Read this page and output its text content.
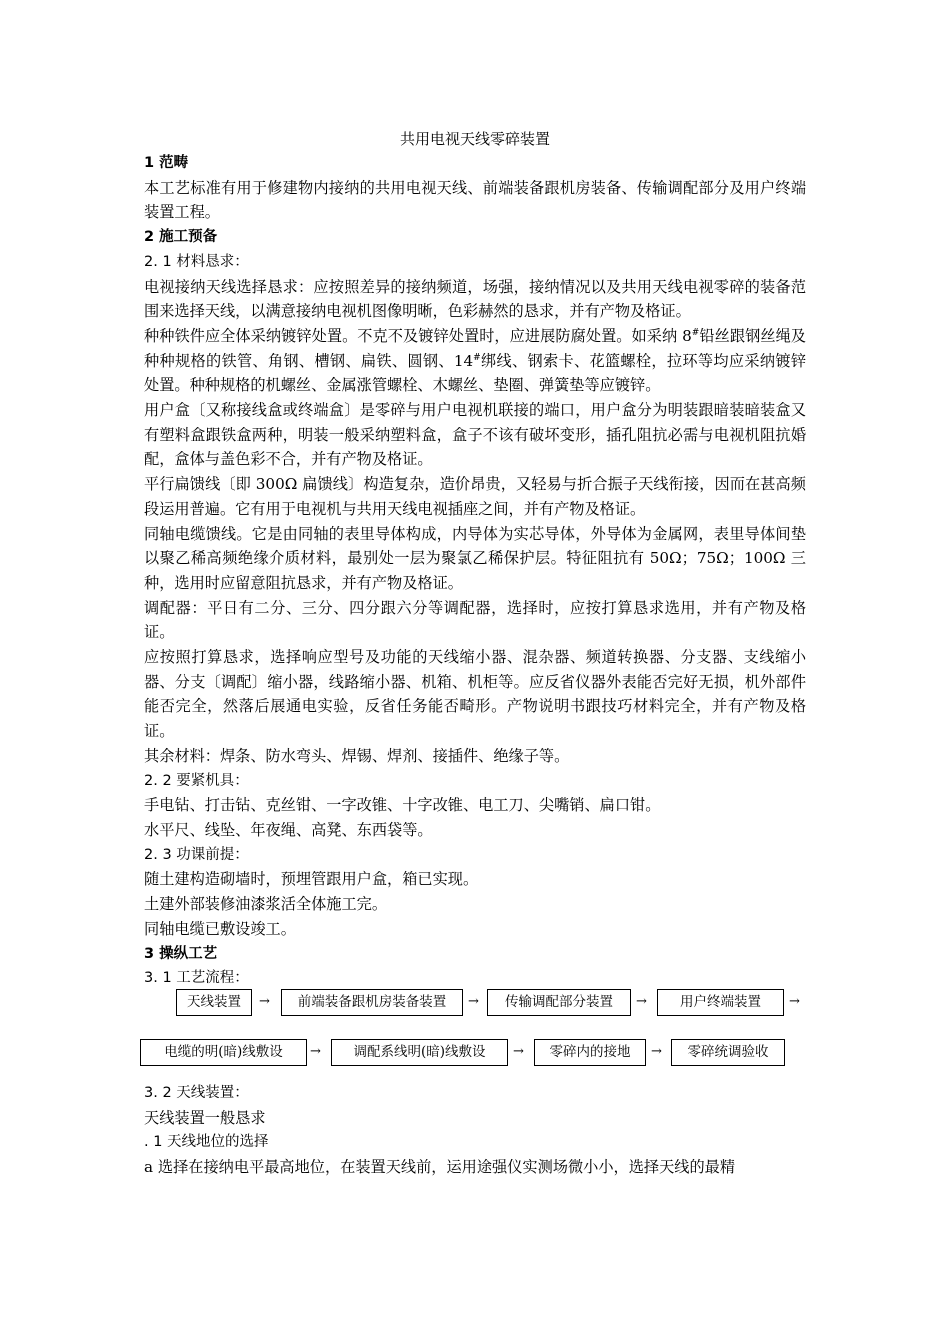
共用电视天线零碎装置

1 范畴

本工艺标准有用于修建物内接纳的共用电视天线、前端装备跟机房装备、传输调配部分及用户终端装置工程。

2 施工预备

2. 1 材料恳求：

电视接纳天线选择恳求：应按照差异的接纳频道，场强，接纳情况以及共用天线电视零碎的装备范围来选择天线，以满意接纳电视机图像明晰，色彩赫然的恳求，并有产物及格证。

种种铁件应全体采纳镀锌处置。不克不及镀锌处置时，应进展防腐处置。如采纳 8#铅丝跟钢丝绳及种种规格的铁管、角钢、槽钢、扁铁、圆钢、14#绑线、钢索卡、花篮螺栓，拉环等均应采纳镀锌处置。种种规格的机螺丝、金属涨管螺栓、木螺丝、垫圈、弹簧垫等应镀锌。

用户盒〔又称接线盒或终端盒〕是零碎与用户电视机联接的端口，用户盒分为明装跟暗装暗装盒又有塑料盒跟铁盒两种，明装一般采纳塑料盒，盒子不该有破坏变形，插孔阻抗必需与电视机阻抗婚配，盒体与盖色彩不合，并有产物及格证。

平行扁馈线〔即 300Ω 扁馈线〕构造复杂，造价昂贵，又轻易与折合振子天线衔接，因而在甚高频段运用普遍。它有用于电视机与共用天线电视插座之间，并有产物及格证。

同轴电缆馈线。它是由同轴的表里导体构成，内导体为实芯导体，外导体为金属网，表里导体间垫以聚乙稀高频绝缘介质材料，最别处一层为聚氯乙稀保护层。特征阻抗有 50Ω；75Ω；100Ω 三种，选用时应留意阻抗恳求，并有产物及格证。

调配器：平日有二分、三分、四分跟六分等调配器，选择时，应按打算恳求选用，并有产物及格证。

应按照打算恳求，选择响应型号及功能的天线缩小器、混杂器、频道转换器、分支器、支线缩小器、分支〔调配〕缩小器，线路缩小器、机箱、机柜等。应反省仪器外表能否完好无损，机外部件能否完全，然落后展通电实验，反省任务能否畸形。产物说明书跟技巧材料完全，并有产物及格证。

其余材料：焊条、防水弯头、焊锡、焊剂、接插件、绝缘子等。

2. 2 要紧机具：

手电钻、打击钻、克丝钳、一字改锥、十字改锥、电工刀、尖嘴销、扁口钳。

水平尺、线坠、年夜绳、高凳、东西袋等。

2. 3 功课前提：

随土建构造砌墙时，预埋管跟用户盒，箱已实现。

土建外部装修油漆浆活全体施工完。

同轴电缆已敷设竣工。

3 操纵工艺

3. 1 工艺流程：

天线装置	→	前端装备跟机房装备装置	→	传输调配部分装置	→	用户终端装置	→
电缆的明(暗)线敷设	→	调配系线明(暗)线敷设	→	零碎内的接地	→	零碎统调验收

3. 2 天线装置：

天线装置一般恳求

. 1 天线地位的选择

a 选择在接纳电平最高地位，在装置天线前，运用途强仪实测场微小小，选择天线的最精
